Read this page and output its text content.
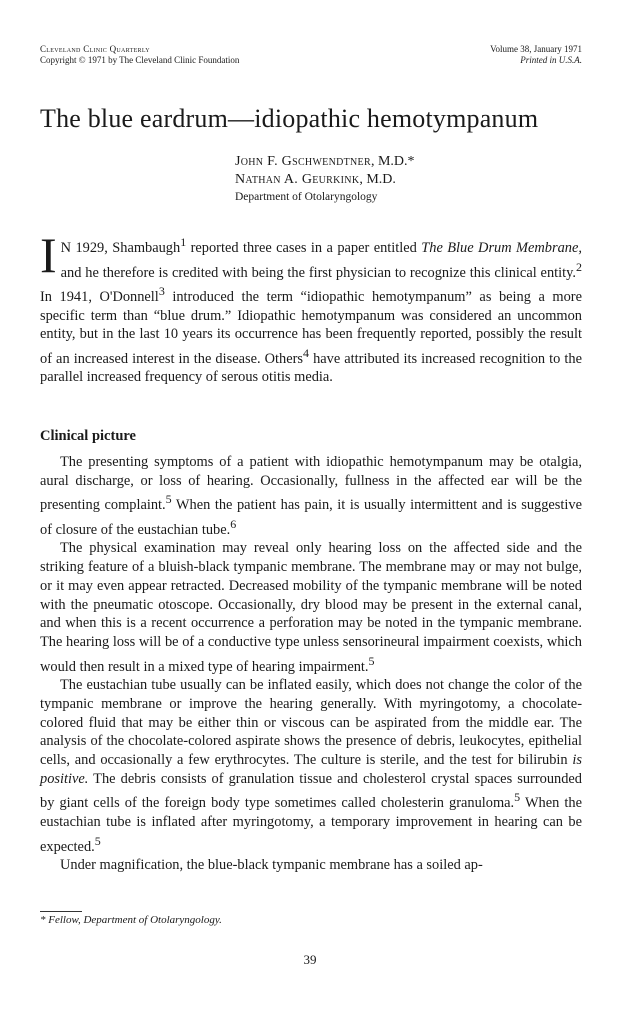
Cleveland Clinic Quarterly
Copyright © 1971 by The Cleveland Clinic Foundation
Volume 38, January 1971
Printed in U.S.A.
The blue eardrum—idiopathic hemotympanum
John F. Gschwendtner, M.D.*
Nathan A. Geurkink, M.D.
Department of Otolaryngology
I N 1929, Shambaugh$^1$ reported three cases in a paper entitled The Blue Drum Membrane, and he therefore is credited with being the first physician to recognize this clinical entity.$^2$ In 1941, O'Donnell$^3$ introduced the term “idiopathic hemotympanum” as being a more specific term than “blue drum.” Idiopathic hemotympanum was considered an uncommon entity, but in the last 10 years its occurrence has been frequently reported, possibly the result of an increased interest in the disease. Others$^4$ have attributed its increased recognition to the parallel increased frequency of serous otitis media.
Clinical picture

The presenting symptoms of a patient with idiopathic hemotympanum may be otalgia, aural discharge, or loss of hearing. Occasionally, fullness in the affected ear will be the presenting complaint.$^5$ When the patient has pain, it is usually intermittent and is suggestive of closure of the eustachian tube.$^6$

The physical examination may reveal only hearing loss on the affected side and the striking feature of a bluish-black tympanic membrane. The membrane may or may not bulge, or it may even appear retracted. Decreased mobility of the tympanic membrane will be noted with the pneumatic otoscope. Occasionally, dry blood may be present in the external canal, and when this is a recent occurrence a perforation may be noted in the tympanic membrane. The hearing loss will be of a conductive type unless sensorineural impairment coexists, which would then result in a mixed type of hearing impairment.$^5$

The eustachian tube usually can be inflated easily, which does not change the color of the tympanic membrane or improve the hearing generally. With myringotomy, a chocolate-colored fluid that may be either thin or viscous can be aspirated from the middle ear. The analysis of the chocolate-colored aspirate shows the presence of debris, leukocytes, epithelial cells, and occasionally a few erythrocytes. The culture is sterile, and the test for bilirubin is positive. The debris consists of granulation tissue and cholesterol crystal spaces surrounded by giant cells of the foreign body type sometimes called cholesterin granuloma.$^5$ When the eustachian tube is inflated after myringotomy, a temporary improvement in hearing can be expected.$^5$

Under magnification, the blue-black tympanic membrane has a soiled ap-

* Fellow, Department of Otolaryngology.
39
